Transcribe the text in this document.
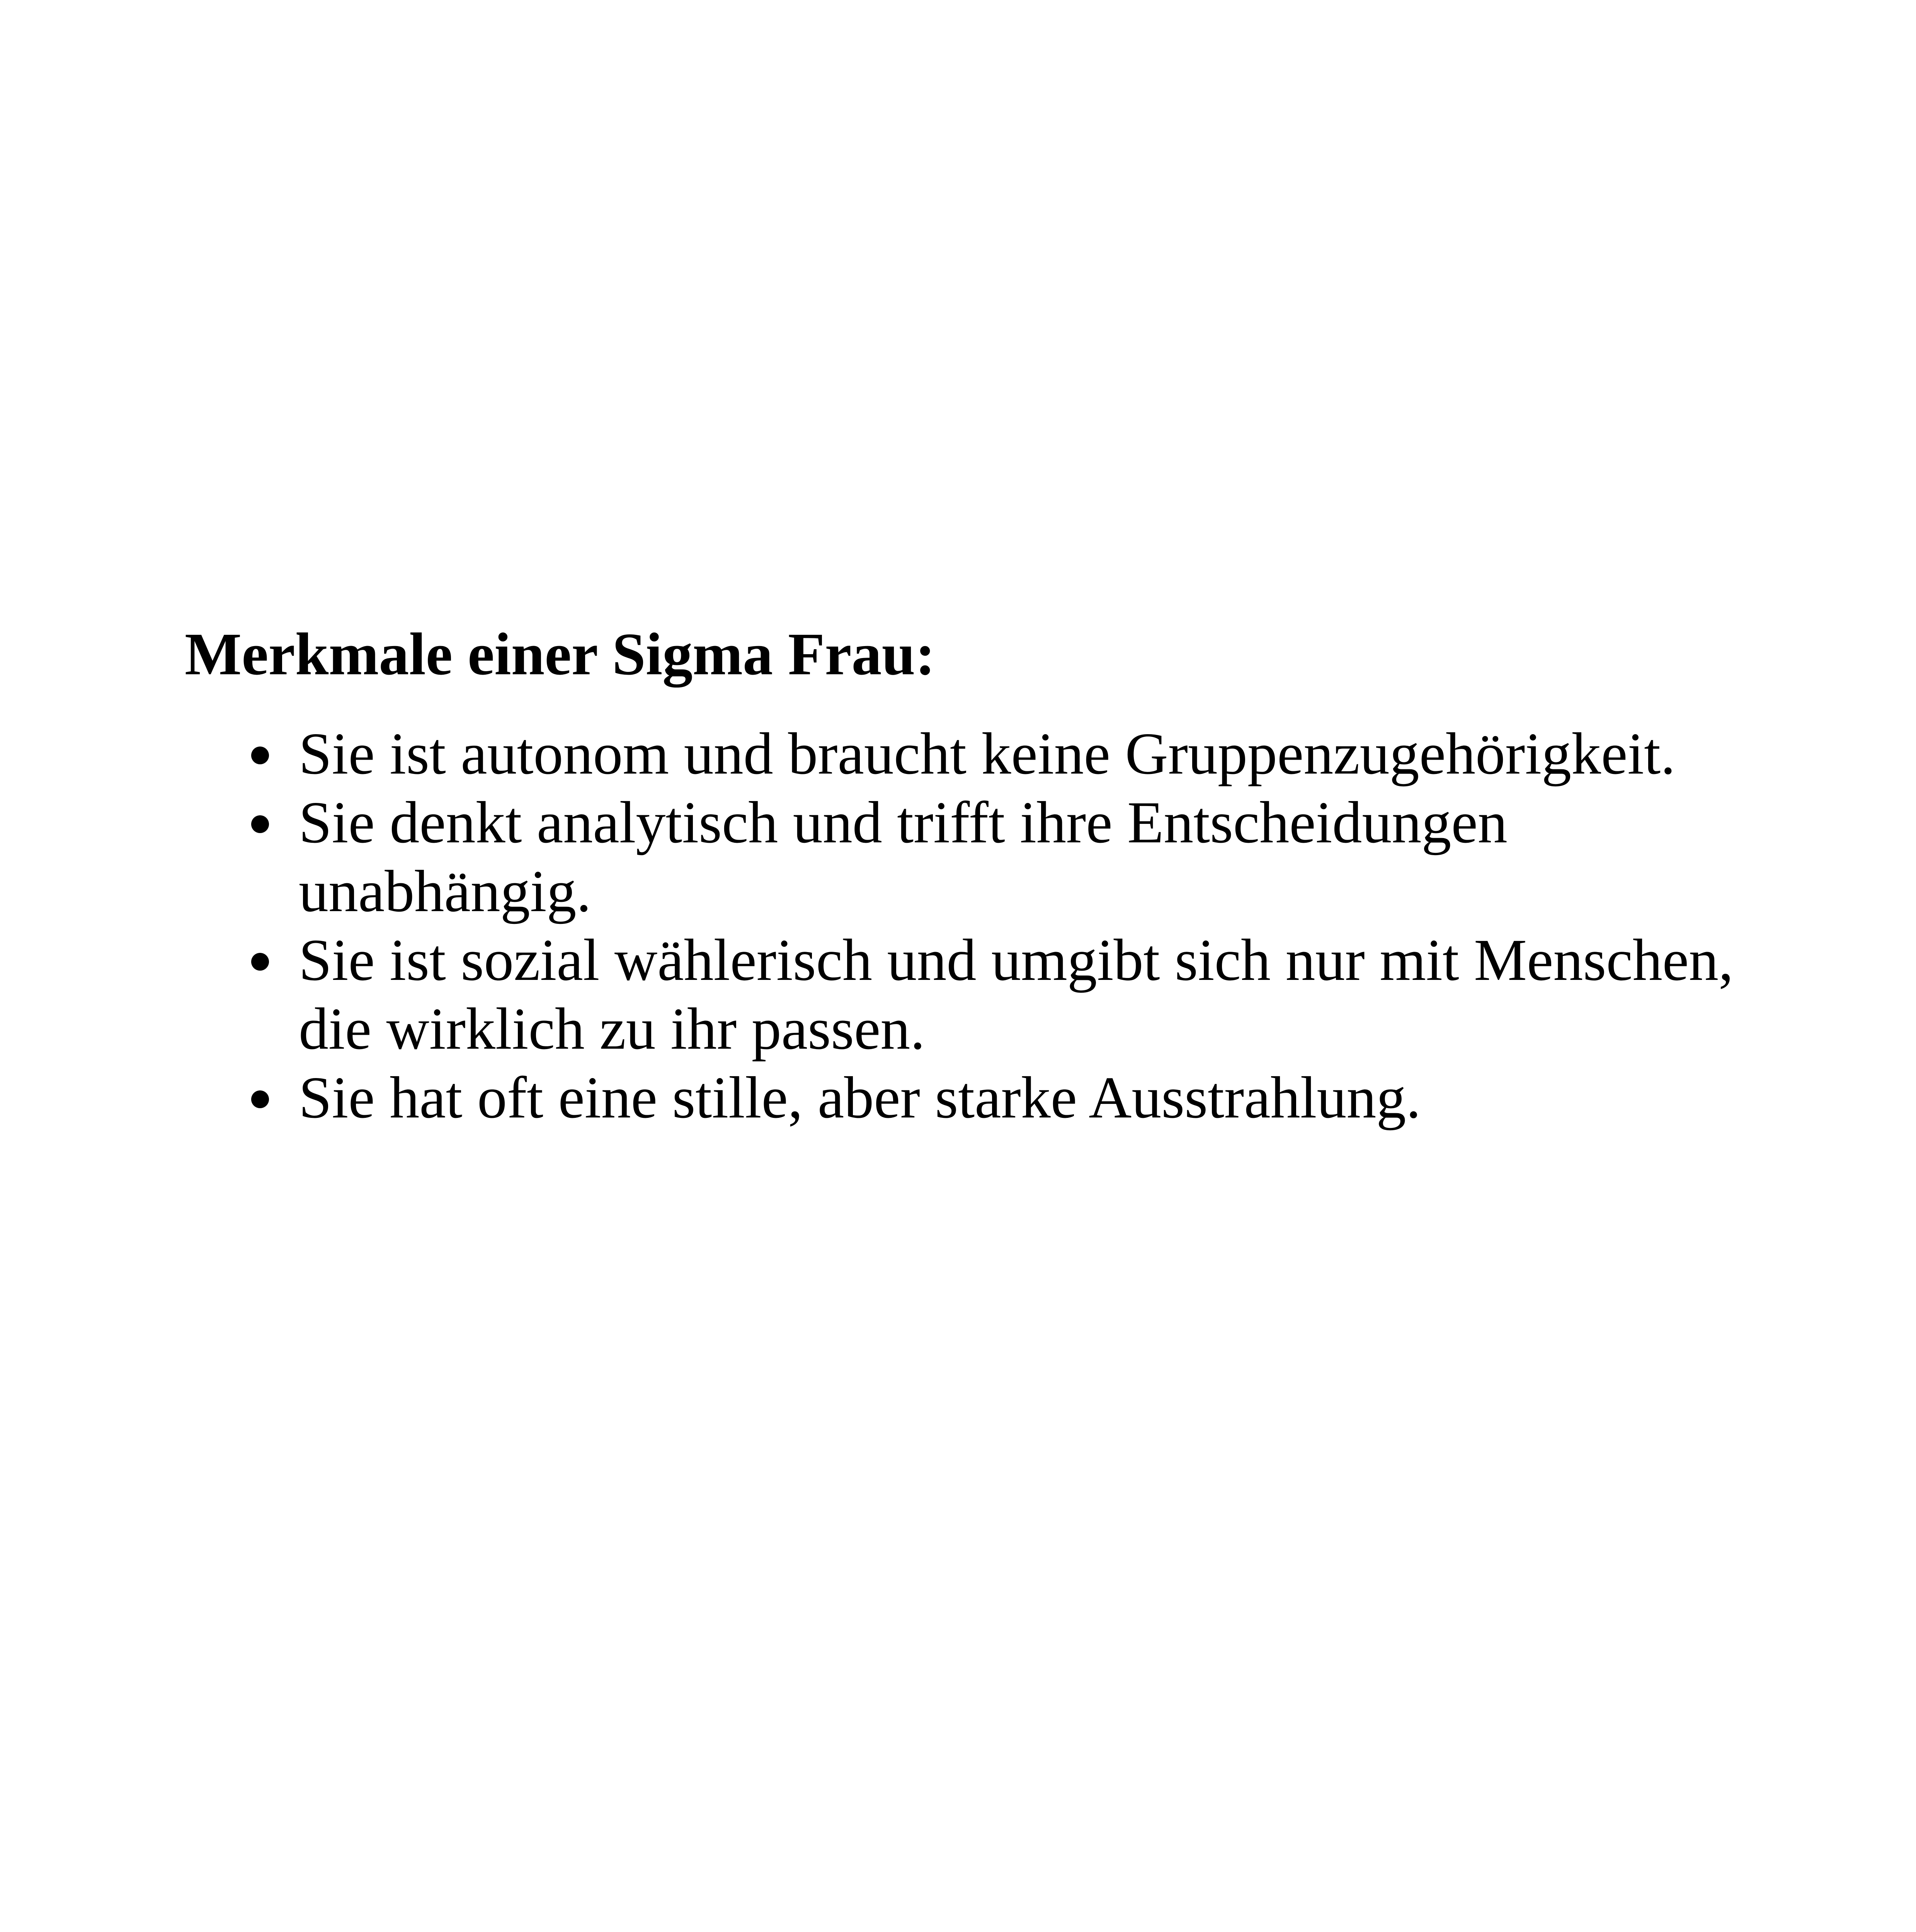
Merkmale einer Sigma Frau:
Sie ist autonom und braucht keine Gruppenzugehörigkeit.
Sie denkt analytisch und trifft ihre Entscheidungen unabhängig.
Sie ist sozial wählerisch und umgibt sich nur mit Menschen, die wirklich zu ihr passen.
Sie hat oft eine stille, aber starke Ausstrahlung.
